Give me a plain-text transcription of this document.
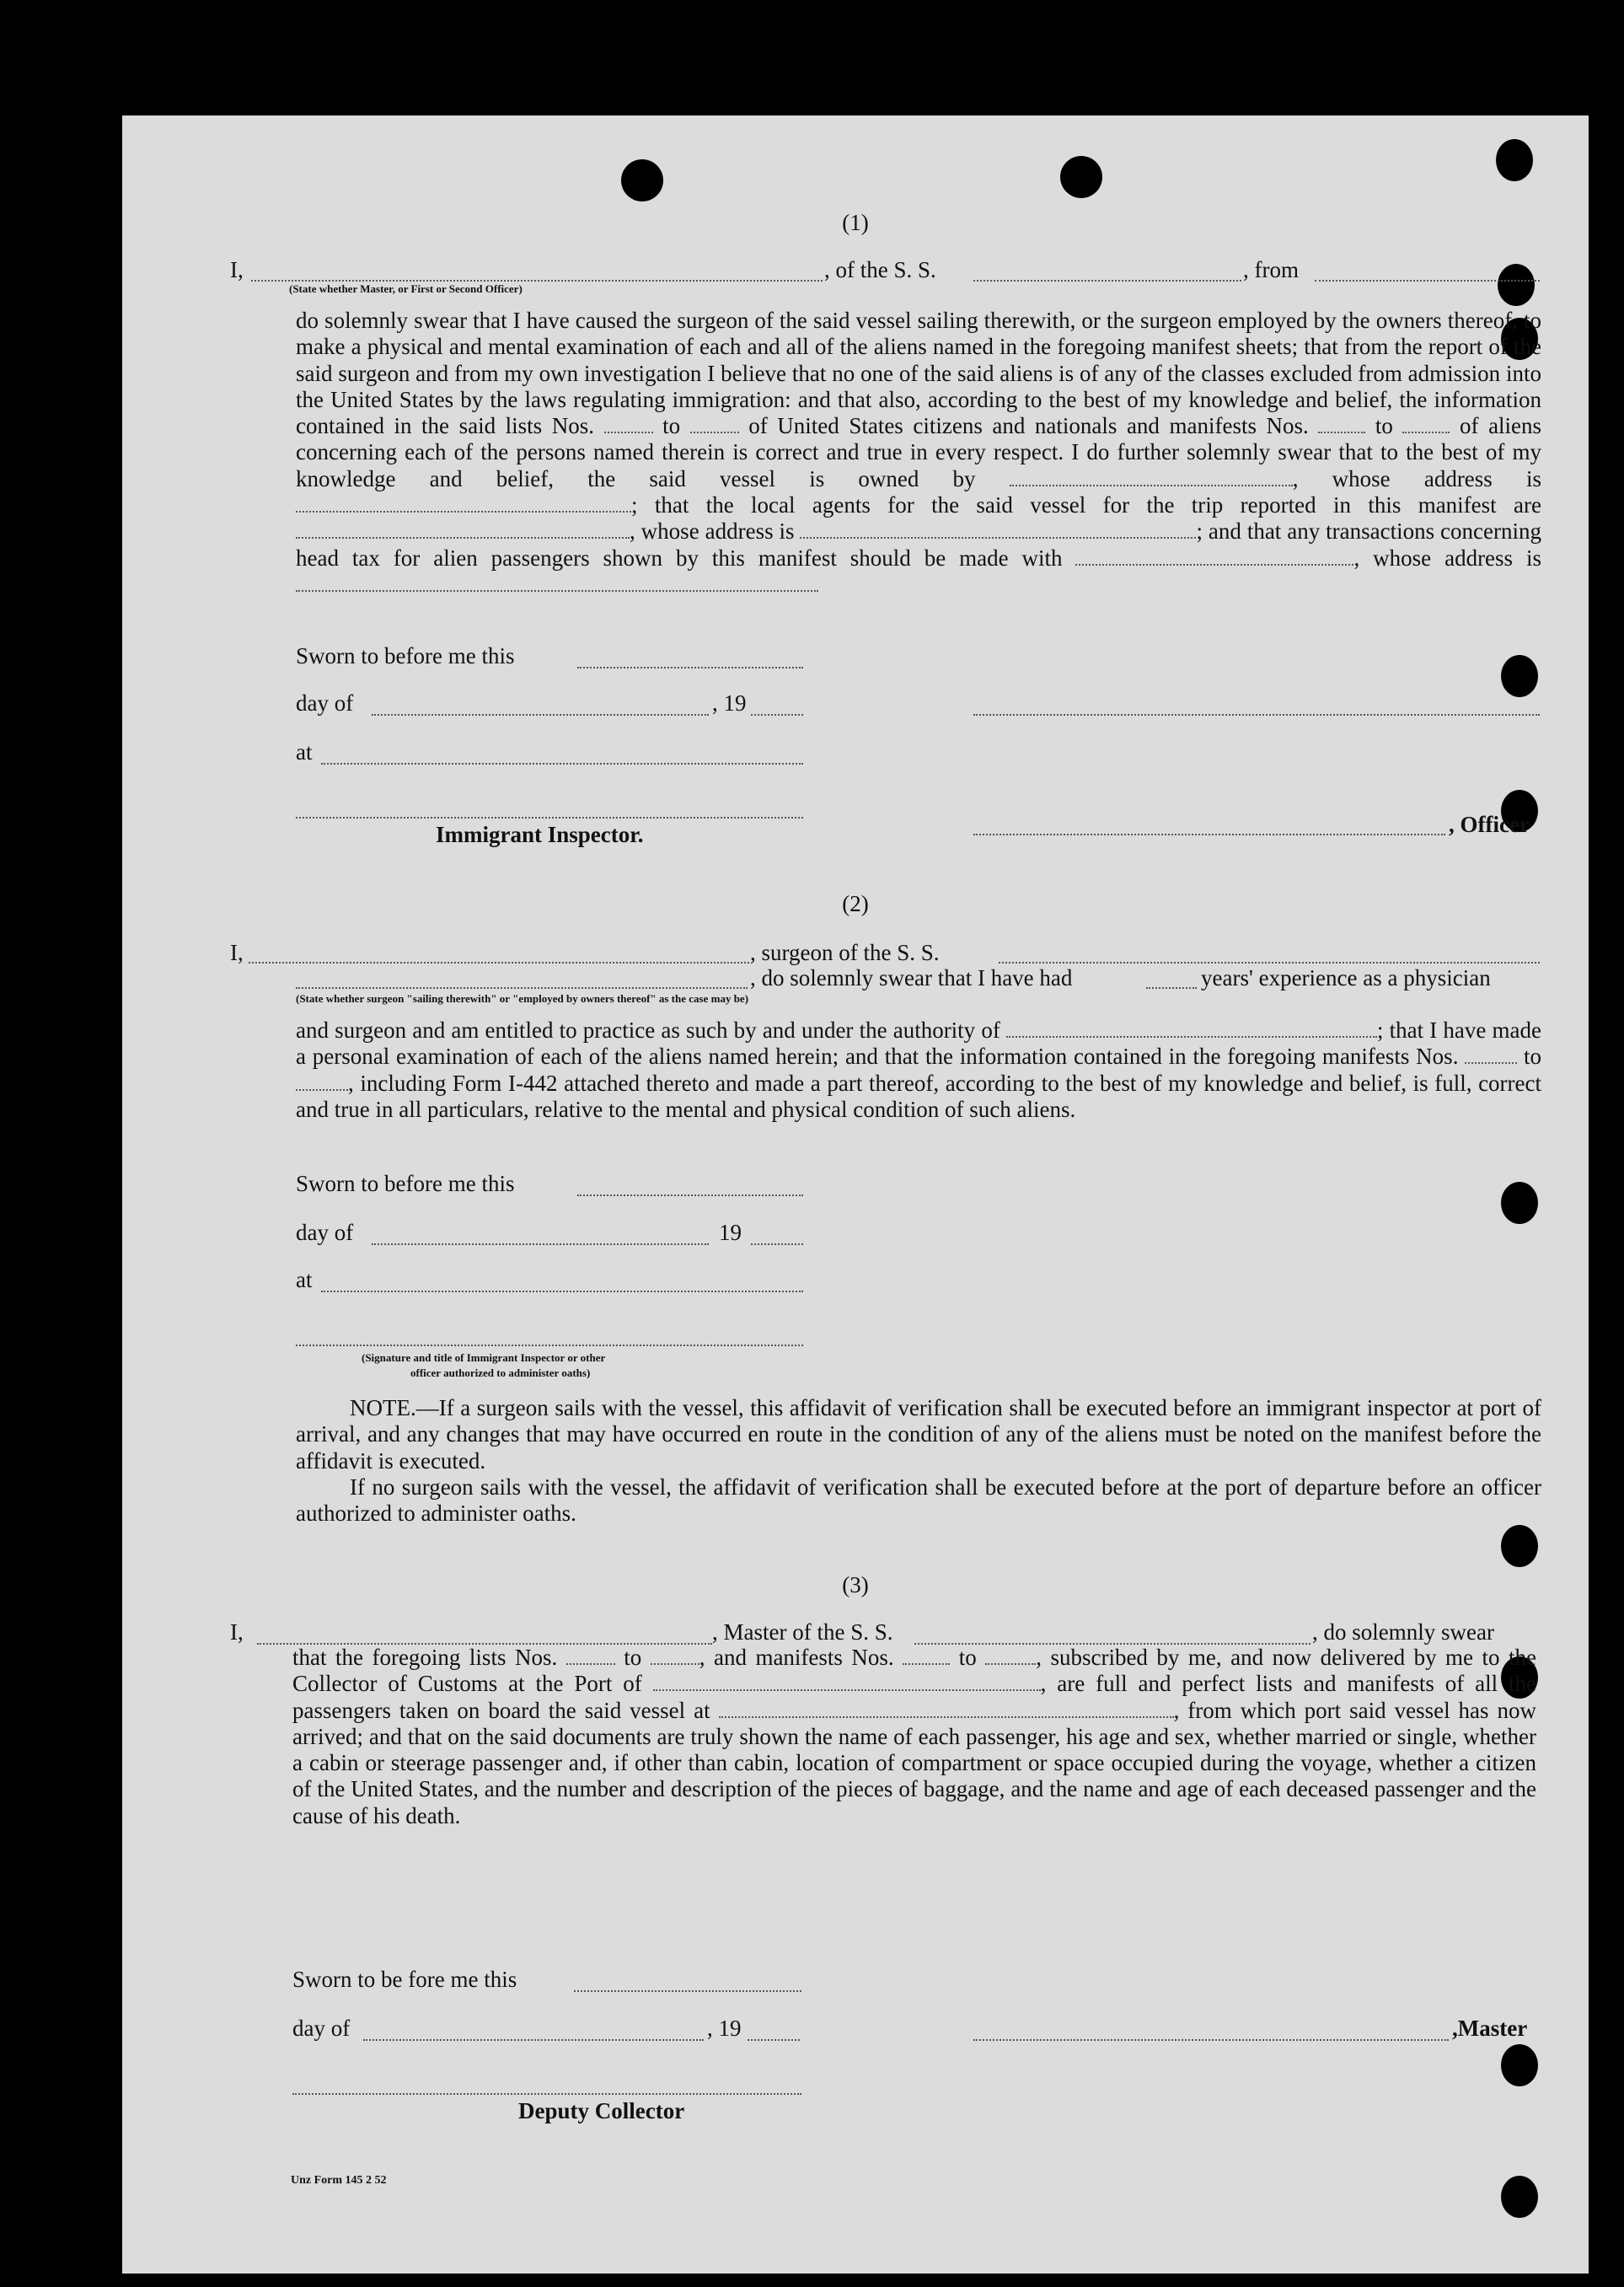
(1)
I,	, of the S. S.	, from
(State whether Master, or First or Second Officer)

do solemnly swear that I have caused the surgeon of the said vessel sailing therewith, or the surgeon employed by the owners thereof, to make a physical and mental examination of each and all of the aliens named in the foregoing manifest sheets; that from the report of the said surgeon and from my own investigation I believe that no one of the said aliens is of any of the classes excluded from admission into the United States by the laws regulating immigration: and that also, according to the best of my knowledge and belief, the information contained in the said lists Nos.	to	of United States citizens and nationals and manifests Nos.	to	of aliens concerning each of the persons named therein is correct and true in every respect. I do further solemnly swear that to the best of my knowledge and belief, the said vessel is owned by	, whose address is ; that the local agents for the said vessel for the trip reported in this manifest are , whose address is	; and that any transactions concerning head tax for alien passengers shown by this manifest should be made with	, whose address is

Sworn to before me this
day of	, 19
at
Immigrant Inspector.	, Officer
(2)
I,	, surgeon of the S. S.
, do solemnly swear that I have had	years' experience as a physician
(State whether surgeon "sailing therewith" or "employed by owners thereof" as the case may be)

and surgeon and am entitled to practice as such by and under the authority of	; that I have made a personal examination of each of the aliens named herein; and that the information contained in the foregoing manifests Nos.	to , including Form I-442 attached thereto and made a part thereof, according to the best of my knowledge and belief, is full, correct and true in all particulars, relative to the mental and physical condition of such aliens.

Sworn to before me this
day of	19
at
(Signature and title of Immigrant Inspector or other
officer authorized to administer oaths)

NOTE.—If a surgeon sails with the vessel, this affidavit of verification shall be executed before an immigrant inspector at port of arrival, and any changes that may have occurred en route in the condition of any of the aliens must be noted on the manifest before the affidavit is executed.

If no surgeon sails with the vessel, the affidavit of verification shall be executed before at the port of departure before an officer authorized to administer oaths.

(3)
I,	, Master of the S. S.	, do solemnly swear

that the foregoing lists Nos.	to	, and manifests Nos.	to	, subscribed by me, and now delivered by me to the Collector of Customs at the Port of	, are full and perfect lists and manifests of all the passengers taken on board the said vessel at	, from which port said vessel has now arrived; and that on the said documents are truly shown the name of each passenger, his age and sex, whether married or single, whether a cabin or steerage passenger and, if other than cabin, location of compartment or space occupied during the voyage, whether a citizen of the United States, and the number and description of the pieces of baggage, and the name and age of each deceased passenger and the cause of his death.

Sworn to be fore me this
day of	, 19	,Master
Deputy Collector
Unz Form 145 2 52
